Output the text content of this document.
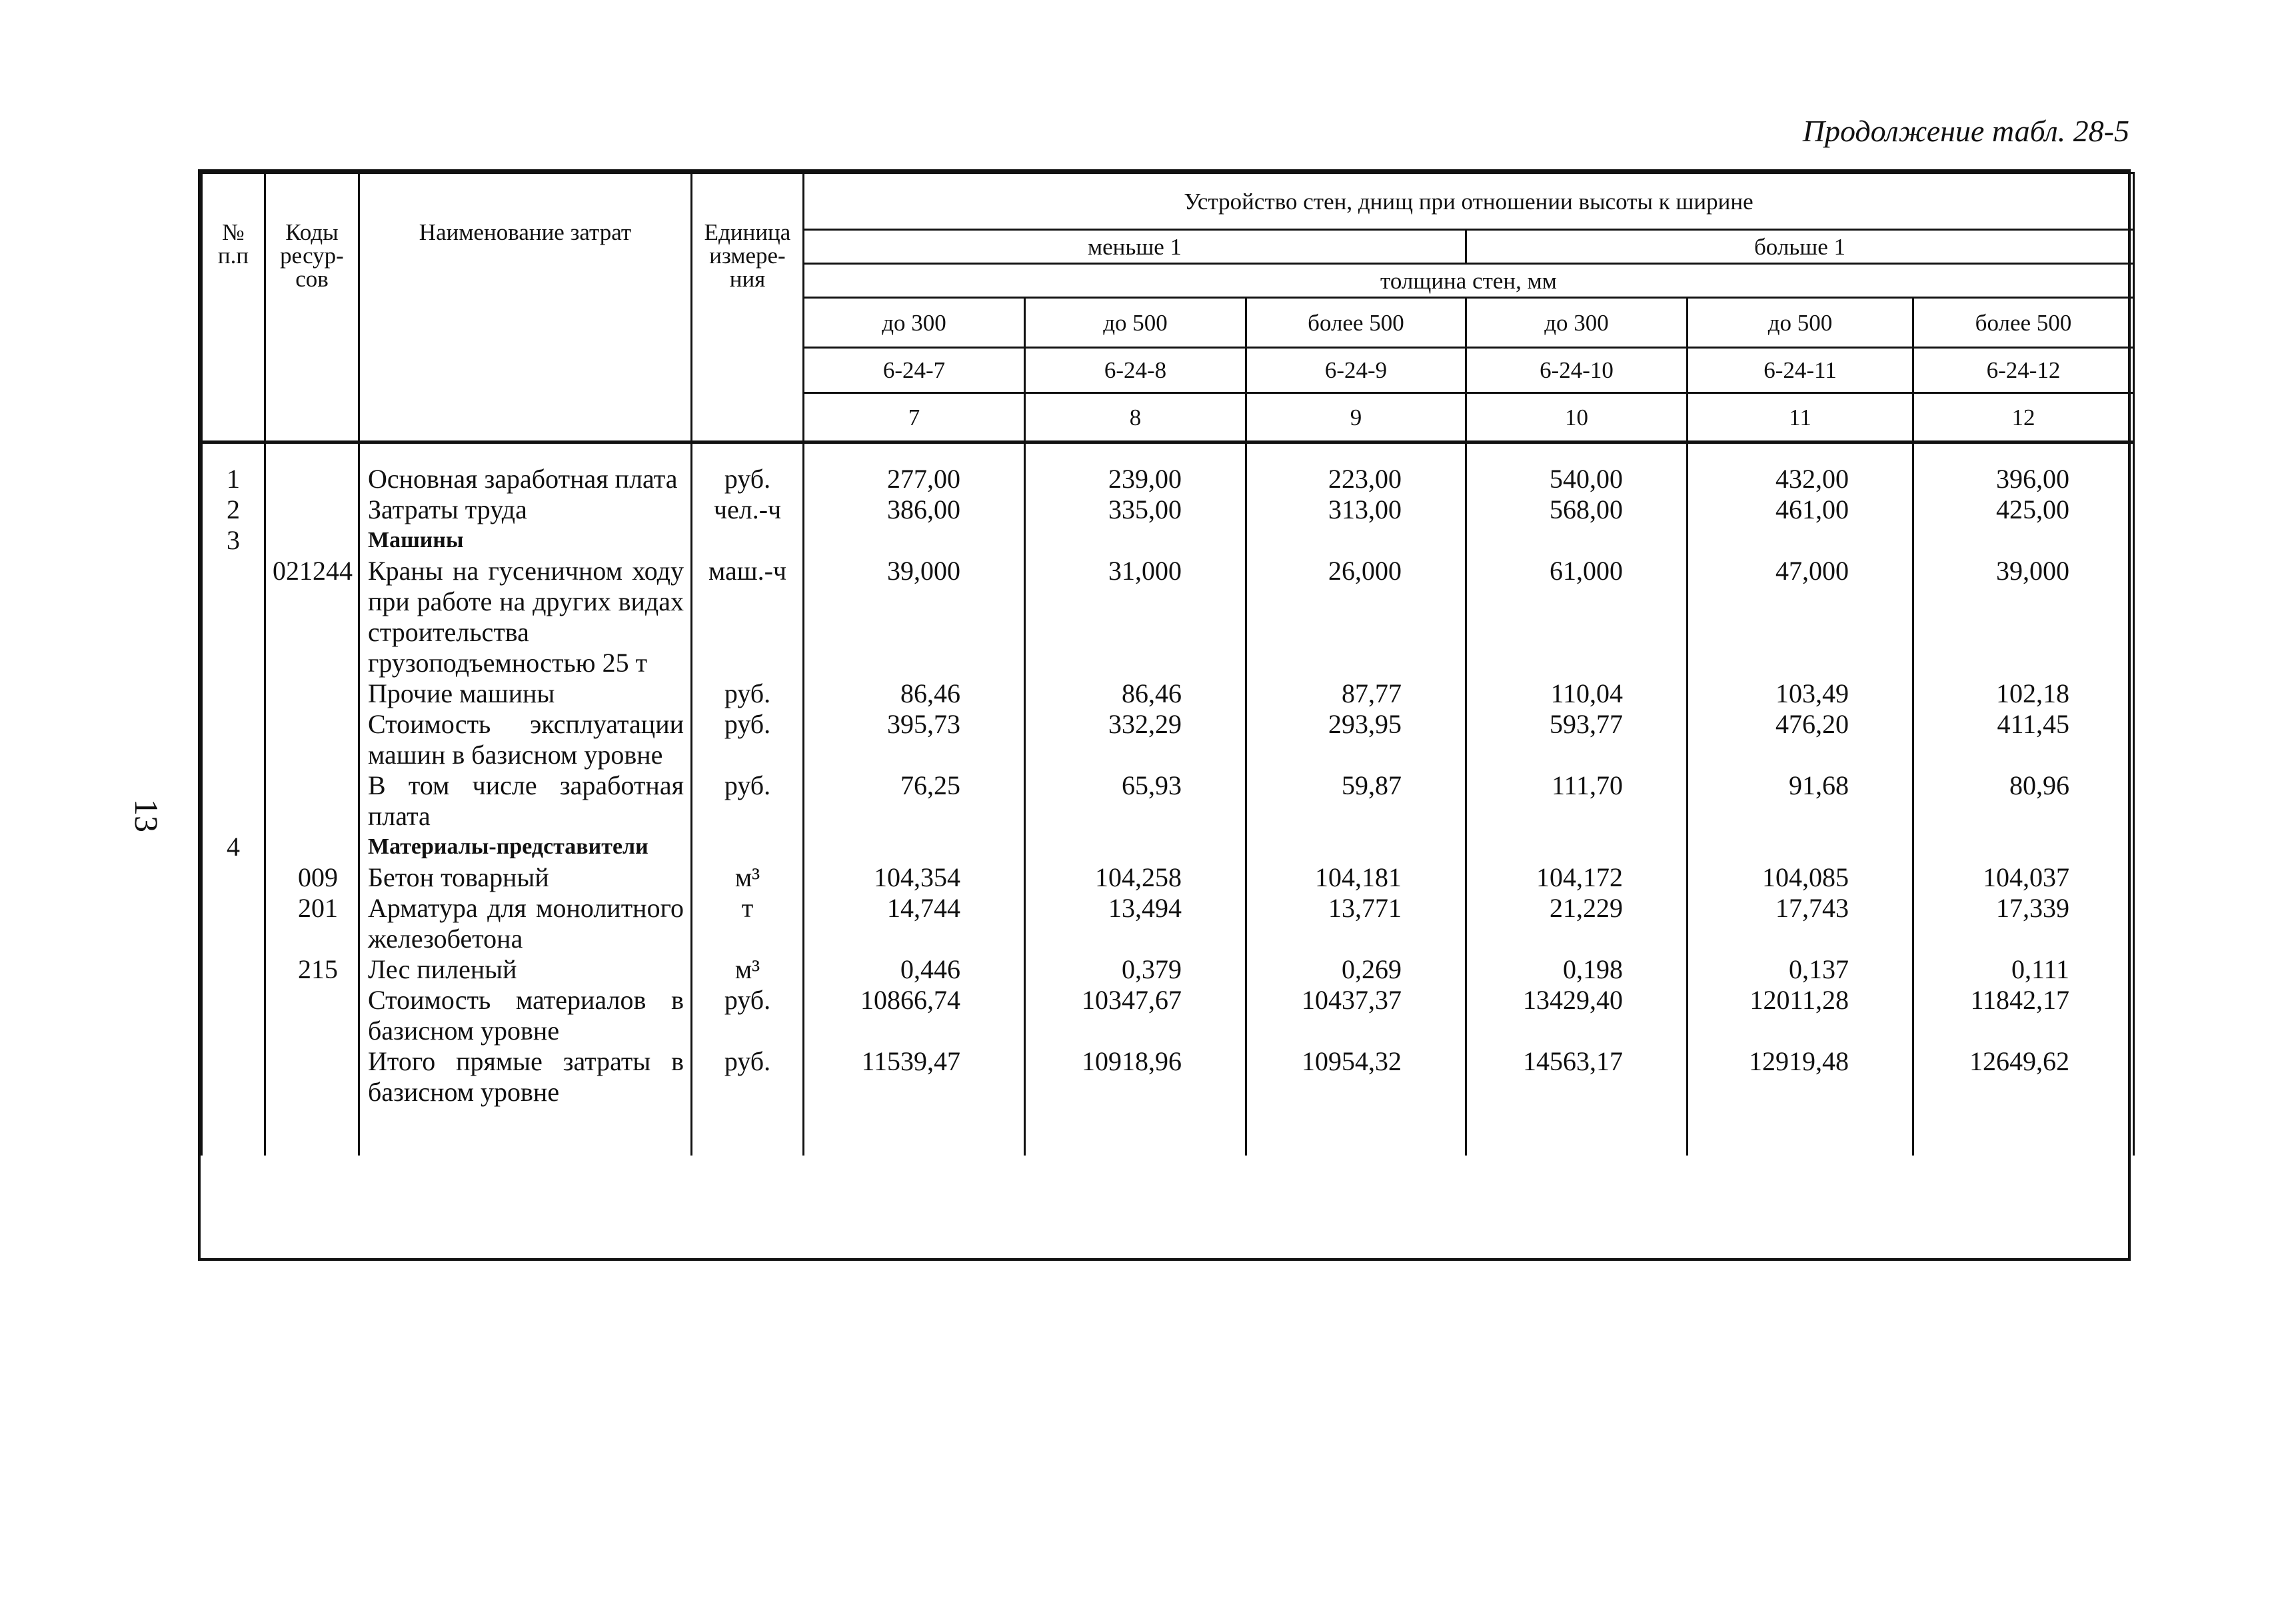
Продолжение табл. 28-5
13
№ п.п	Коды ресур-сов	Наименование затрат	Единица измере-ния	Устройство стен, днищ при отношении высоты к ширине					
				меньше 1			больше 1		
				толщина стен, мм					
				до 300	до 500	более 500	до 300	до 500	более 500
				6-24-7	6-24-8	6-24-9	6-24-10	6-24-11	6-24-12
				7	8	9	10	11	12
1		Основная заработная плата	руб.	277,00	239,00	223,00	540,00	432,00	396,00
2		Затраты труда	чел.-ч	386,00	335,00	313,00	568,00	461,00	425,00
3		Машины							
	021244	Краны на гусеничном ходу при работе на других видах строительства грузоподъемностью 25 т	маш.-ч	39,000	31,000	26,000	61,000	47,000	39,000
		Прочие машины	руб.	86,46	86,46	87,77	110,04	103,49	102,18
		Стоимость эксплуатации машин в базисном уровне	руб.	395,73	332,29	293,95	593,77	476,20	411,45
		В том числе заработная плата	руб.	76,25	65,93	59,87	111,70	91,68	80,96
4		Материалы-представители							
	009	Бетон товарный	м³	104,354	104,258	104,181	104,172	104,085	104,037
	201	Арматура для монолитного железобетона	т	14,744	13,494	13,771	21,229	17,743	17,339
	215	Лес пиленый	м³	0,446	0,379	0,269	0,198	0,137	0,111
		Стоимость материалов в базисном уровне	руб.	10866,74	10347,67	10437,37	13429,40	12011,28	11842,17
		Итого прямые затраты в базисном уровне	руб.	11539,47	10918,96	10954,32	14563,17	12919,48	12649,62
